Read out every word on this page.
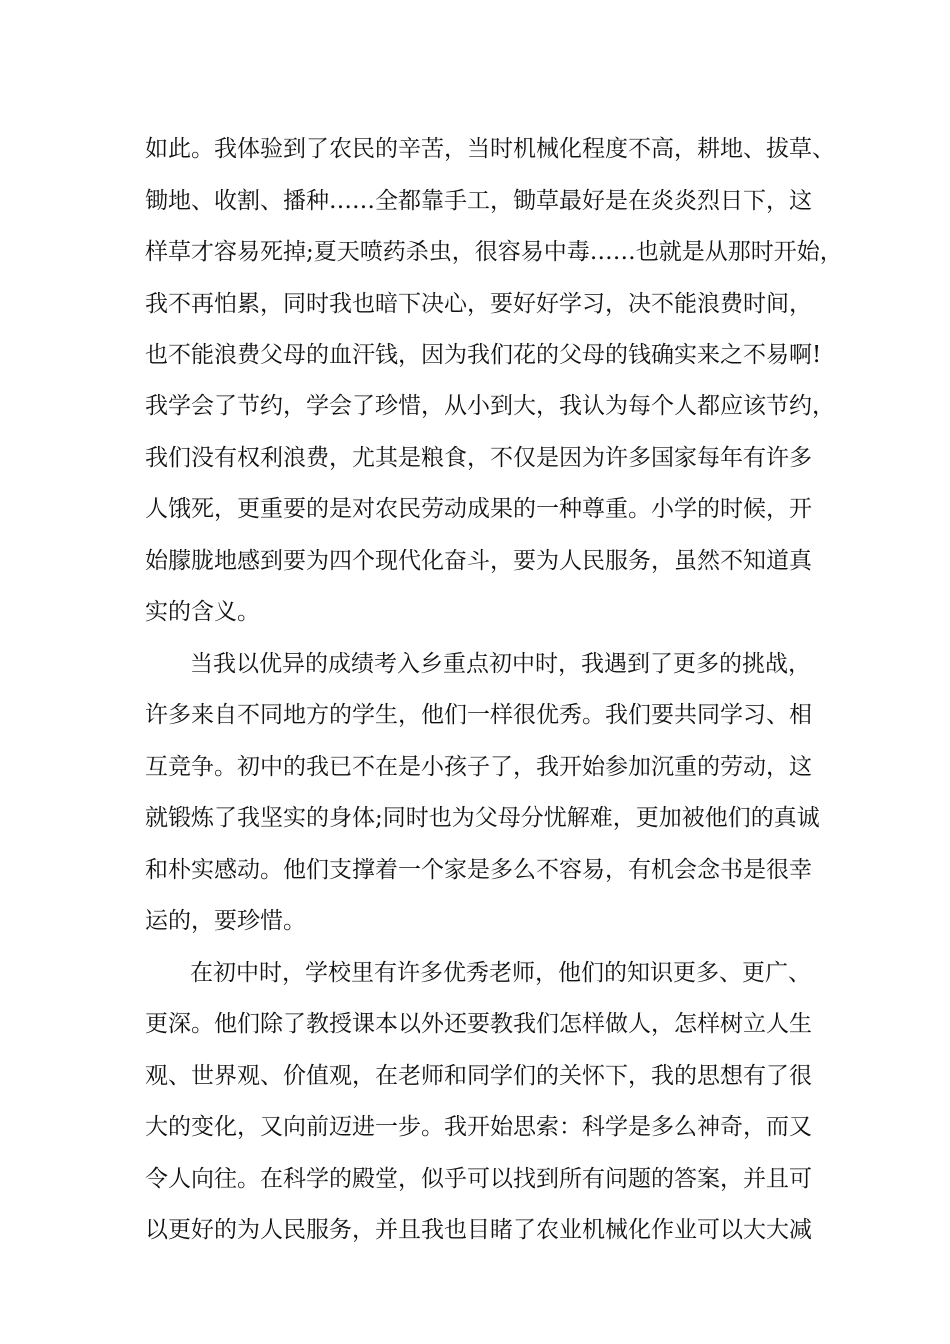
如此。我体验到了农民的辛苦，当时机械化程度不高，耕地、拔草、

锄地、收割、播种……全都靠手工，锄草最好是在炎炎烈日下，这

样草才容易死掉;夏天喷药杀虫，很容易中毒……也就是从那时开始，

我不再怕累，同时我也暗下决心，要好好学习，决不能浪费时间，

也不能浪费父母的血汗钱，因为我们花的父母的钱确实来之不易啊!

我学会了节约，学会了珍惜，从小到大，我认为每个人都应该节约，

我们没有权利浪费，尤其是粮食，不仅是因为许多国家每年有许多

人饿死，更重要的是对农民劳动成果的一种尊重。小学的时候，开

始朦胧地感到要为四个现代化奋斗，要为人民服务，虽然不知道真

实的含义。

当我以优异的成绩考入乡重点初中时，我遇到了更多的挑战，

许多来自不同地方的学生，他们一样很优秀。我们要共同学习、相

互竞争。初中的我已不在是小孩子了，我开始参加沉重的劳动，这

就锻炼了我坚实的身体;同时也为父母分忧解难，更加被他们的真诚

和朴实感动。他们支撑着一个家是多么不容易，有机会念书是很幸

运的，要珍惜。

在初中时，学校里有许多优秀老师，他们的知识更多、更广、

更深。他们除了教授课本以外还要教我们怎样做人，怎样树立人生

观、世界观、价值观，在老师和同学们的关怀下，我的思想有了很

大的变化，又向前迈进一步。我开始思索：科学是多么神奇，而又

令人向往。在科学的殿堂，似乎可以找到所有问题的答案，并且可

以更好的为人民服务，并且我也目睹了农业机械化作业可以大大减
